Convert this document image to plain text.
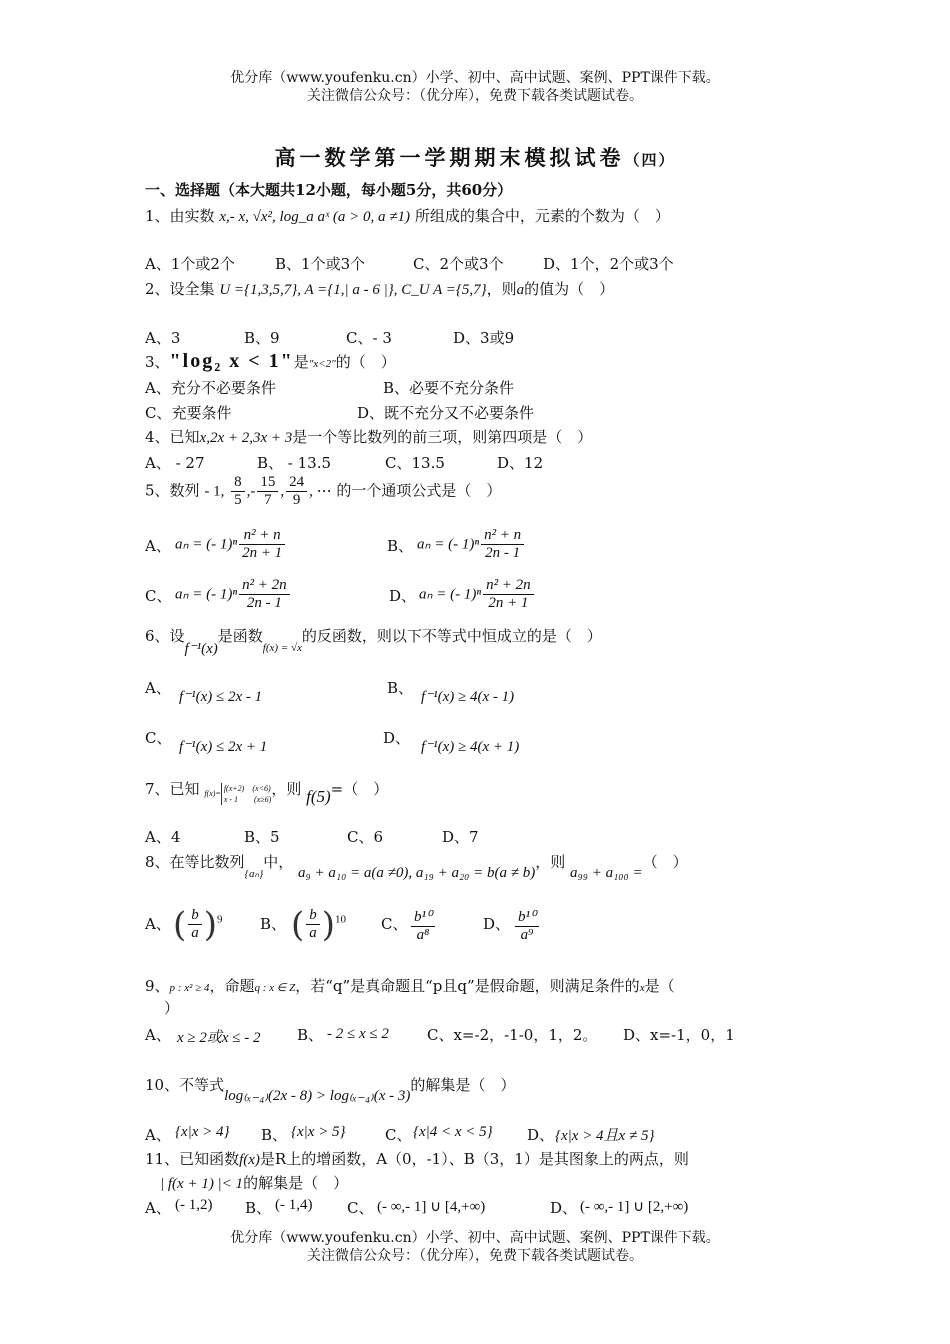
优分库（www.youfenku.cn）小学、初中、高中试题、案例、PPT课件下载。
关注微信公众号：（优分库），免费下载各类试题试卷。
高一数学第一学期期末模拟试卷（四）
一、选择题（本大题共12小题，每小题5分，共60分）
1、由实数 x,- x, √x², log_a aˣ (a > 0, a ≠1) 所组成的集合中，元素的个数为（　）
A、1个或2个	B、1个或3个	C、2个或3个	D、1个，2个或3个
2、设全集 U ={1,3,5,7}, A ={1,| a - 6 |}, C_U A ={5,7}，则a的值为（　）
A、3	B、9	C、- 3	D、3或9
3、"log₂ x < 1"是"x<2"的（　）
A、充分不必要条件	B、必要不充分条件
C、充要条件	D、既不充分又不必要条件
4、已知x,2x + 2,3x + 3是一个等比数列的前三项，则第四项是（　）
A、 - 27	B、 - 13.5	C、13.5	D、12
5、数列 - 1, $\frac{8}{5}$ ,- $\frac{15}{7}$ , $\frac{24}{9}$ , ⋯ 的一个通项公式是（　）
A、 aₙ = (- $1)^n \frac{\text{n² + n}}{2n + 1}$	B、 aₙ = (- $1)^n \frac{\text{n² + n}}{2n - 1}$
C、 aₙ = (- $1)^n \frac{\text{n² + 2n}}{2n - 1}$	D、 aₙ = (- $1)^n \frac{\text{n² + 2n}}{2n + 1}$
6、设f⁻¹(x)是函数$_{f(x) = √x}$的反函数，则以下不等式中恒成立的是（　）
A、 f⁻¹(x) ≤ 2x - 1	B、 f⁻¹(x) ≥ 4(x - 1)
C、 f⁻¹(x) ≤ 2x + 1	D、 f⁻¹(x) ≥ 4(x + 1)
7、已知 f(x)=
f(x+2)　(x<6)
x - 1　　(x≥6)
，则 f(5)=（　）
A、4	B、5	C、6	D、7
8、在等比数列$_{\{a_n\}}$中， a₉ + a₁₀ = a(a ≠0), a₁₉ + a₂₀ = b(a ≠ b)，则 a₉₉ + a₁₀₀ =（　）
A、 ( $\frac{b}{a} )^9$ B、 ( $\frac{b}{a} )^{10}$ C、 $\frac{\text{b¹⁰}}{\text{a⁸}}$	D、 $\frac{\text{b¹⁰}}{\text{a⁹}}$
9、p : x² ≥ 4，命题q : x ∈ Z，若“q”是真命题且“p且q”是假命题，则满足条件的x是（
）
A、 x ≥ 2或x ≤ - 2 B、 - 2 ≤ x ≤ 2	C、x=-2，-1-0，1，2。 D、x=-1，0，1
10、不等式log₍ₓ₋₄₎(2x - 8) > log₍ₓ₋₄₎(x - 3)的解集是（　）
A、 {x|x > 4} B、 {x|x > 5}	C、 {x|4 < x < 5} D、 {x|x > 4且x ≠ 5}
11、已知函数f(x)是R上的增函数，A（0，-1）、B（3，1）是其图象上的两点，则
| f(x + 1) |< 1的解集是（　）
A、 (- 1,2) B、 (- 1,4) C、 (- ∞,- 1] ∪ [4,+∞)	D、 (- ∞,- 1] ∪ [2,+∞)
优分库（www.youfenku.cn）小学、初中、高中试题、案例、PPT课件下载。
关注微信公众号：（优分库），免费下载各类试题试卷。
